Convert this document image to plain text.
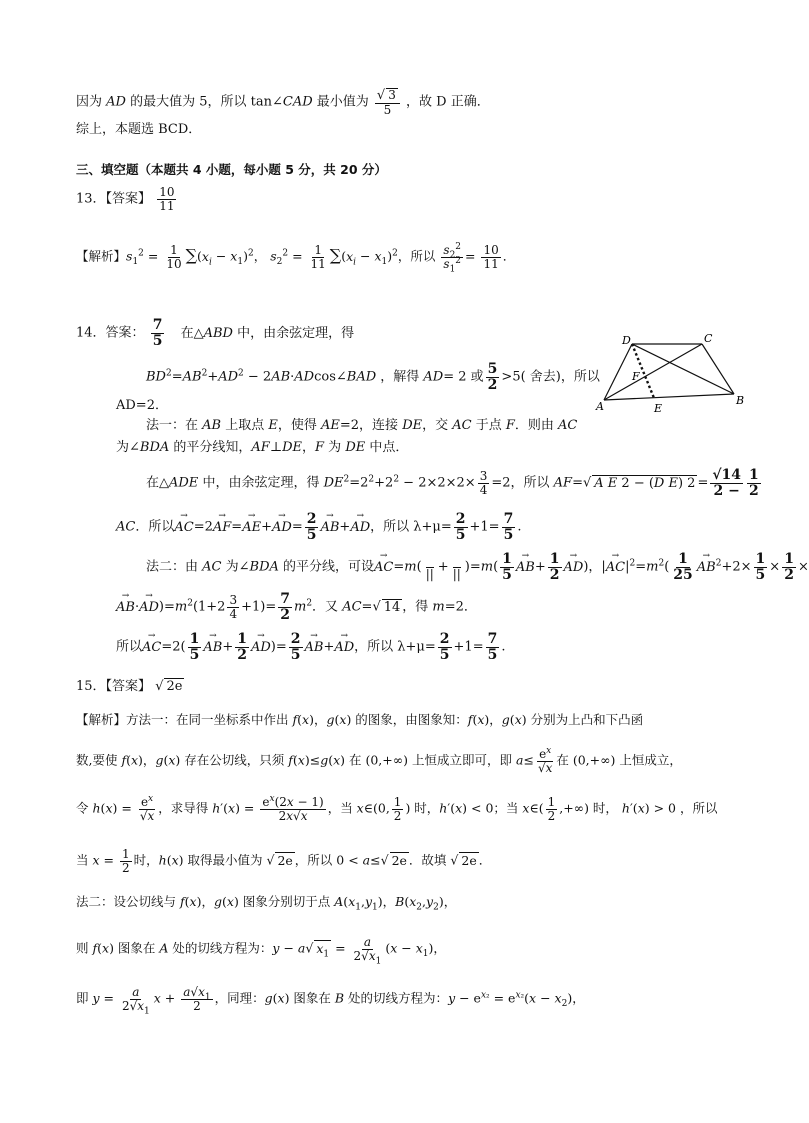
因为 AD 的最大值为 5，所以 tan∠CAD 最小值为 $\frac{√ 3}{5}$ ，故 D 正确．
综上，本题选 BCD．
三、填空题（本题共 4 小题，每小题 5 分，共 20 分）
13．【答案】 $\frac{10}{11}$
【解析】$s_1^2 = \frac{1}{10} \sum(x_i - x_1)^2$， $s_2^2 = \frac{1}{11} \sum(x_i - x_1)^2$，所以 $\frac{s_2^2}{s_1^2} = \frac{10}{11}$ ．
14．答案： $\frac{7}{5}$ 在△ABD 中，由余弦定理，得
$BD^2=AB^2+AD^2$ − 2AB·ADcos∠BAD ，解得 AD= 2 或 $\frac{5}{2} >5$( 舍去)，所以
AD=2．
法一：在 AB 上取点 E，使得 AE=2，连接 DE，交 AC 于点 F．则由 AC
为∠BDA 的平分线知，AF⊥DE，F 为 DE 中点．
在△ADE 中，由余弦定理，得 $DE^2=2^2+2^2 - 2\times 2\times 2\times \frac{3}{4} =2$，所以 AF=√ A E 2 − (D E) $2 = \frac{√14}{2 -} \frac{1}{2}$
AC．所以→ $AC=2\to AF=\to AE+\to AD= \frac{2}{5}$
→ AB+→ AD，所以 $\lambda+\mu= \frac{2}{5} +1= \frac{7}{5}$ .
法二：由 AC 为∠BDA 的平分线，可设→ AC=m(
|| +
|| )$=m( \frac{1}{5}$
→ $AB+ \frac{1}{2}$
→ AD)，|→ $AC|^2=m^2( \frac{1}{25}$
→ $AB^2+2\times \frac{1}{5} \times \frac{1}{2}$ ×
→ $AB\cdot\to AD)=m^2(1+2 \frac{3}{4} +1)= \frac{7}{2} m^2$．又 AC=√ 14 ，得 m=2．
所以→ $AC=2( \frac{1}{5}$
→ $AB+ \frac{1}{2}$
→ $AD)= \frac{2}{5}$
→ AB+→ AD，所以 $\lambda+\mu= \frac{2}{5} +1= \frac{7}{5}$ .
D	C
F
A	E
B
15．【答案】 √ 2e
【解析】方法一：在同一坐标系中作出 f(x)，g(x) 的图象，由图象知：f(x)，g(x) 分别为上凸和下凸函
数,要使 f(x)，g(x) 存在公切线，只须 f(x)≤g(x) 在 (0,+∞) 上恒成立即可，即 $a\le \frac{e^x}{√x}$ 在 (0,+∞) 上恒成立，
令 $h(x) = \frac{e^x}{√x}$ ，求导得 $h'(x) = \frac{e^x(2x - 1)}{2x√x}$ ，当 x∈(0, $\frac{1}{2}$ ) 时，h′(x) < 0；当 x∈( $\frac{1}{2}$ ,+∞) 时， h′(x) > 0 ，所以
当 $x = \frac{1}{2}$ 时，h(x) 取得最小值为 √ 2e ，所以 0 < a≤√ 2e ．故填 √ 2e ．
法二：设公切线与 f(x)，g(x) 图象分别切于点 $A(x_1,y_1)$，$B(x_2,y_2)$，
则 f(x) 图象在 A 处的切线方程为：y − a√ $x_1 = \frac{a}{2√x_1} (x - x_1)$，
即 $y = \frac{a}{2√x_1}$ $x + \frac{a√x_1}{2}$ ，同理：g(x) 图象在 B 处的切线方程为：$y - e^{x_2} = e^{x_2}(x - x_2)$，
